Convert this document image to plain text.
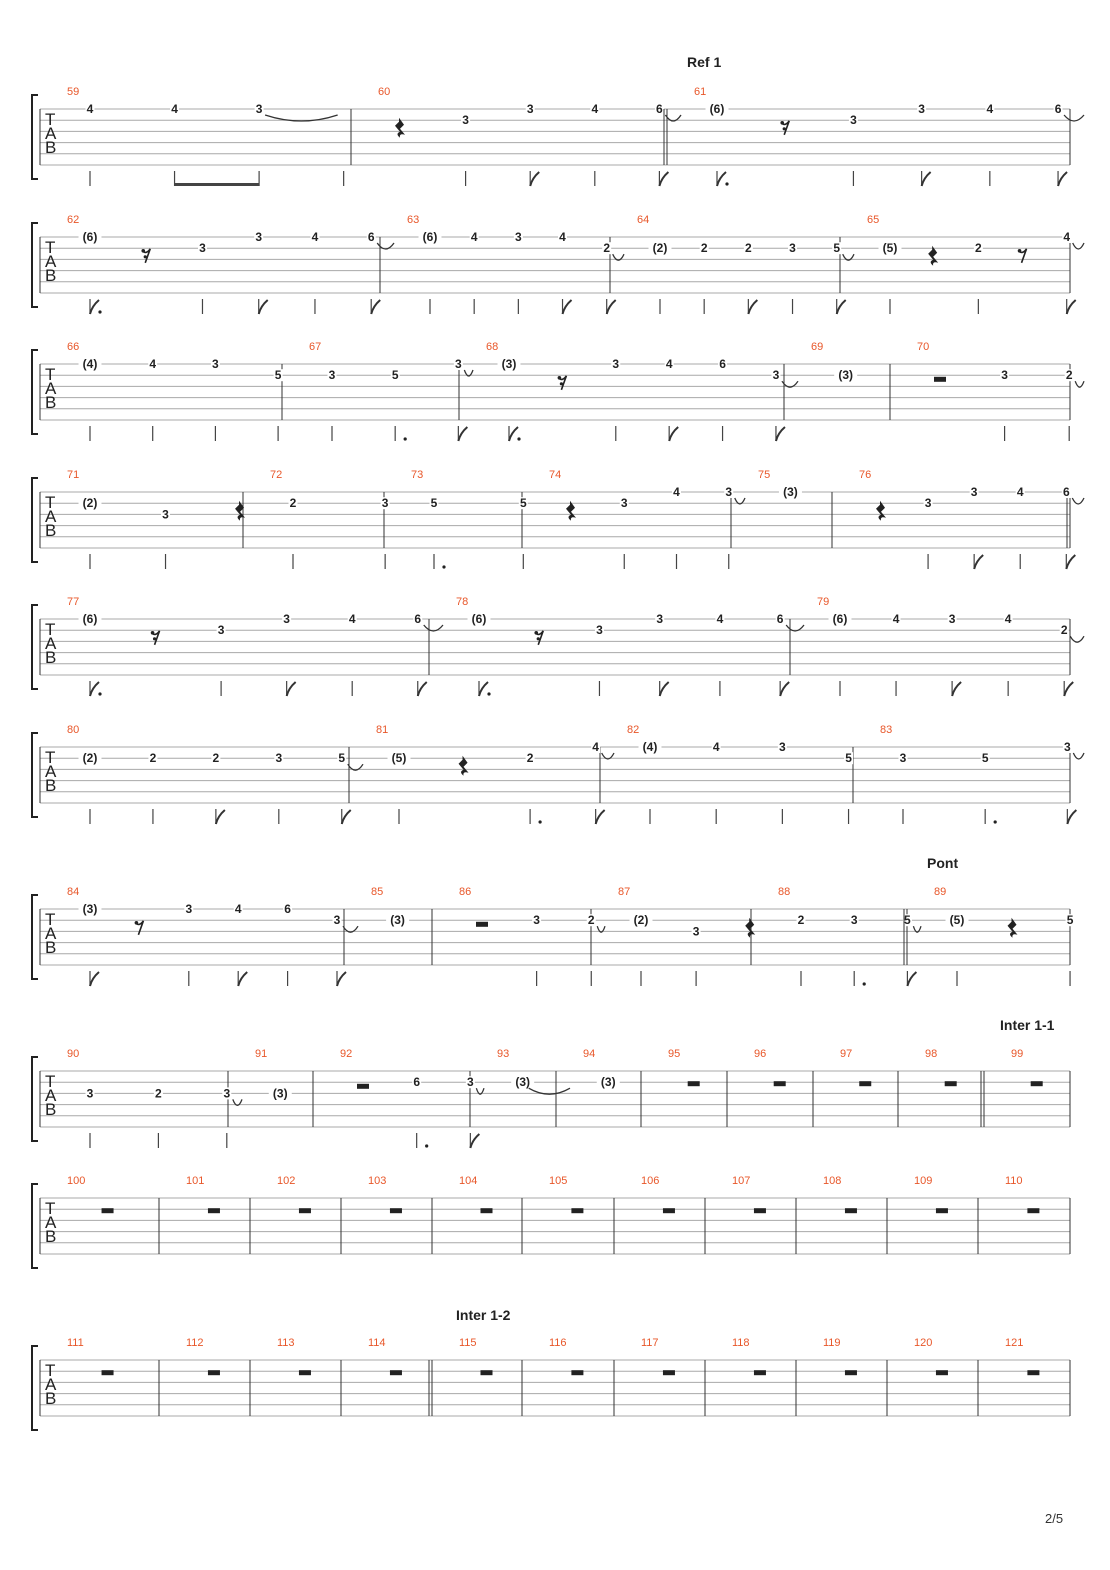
Ref 1
Pont
Inter 1-1
Inter 1-2
T
A
B
59
4	4	3
60
3
3	4	6
61
(6)
3
3	4	6
T
A
B
62
(6)
3
3	4	6
63
(6)	4	3	4
2
64
(2)	2	2	3	5
65
(5)	2
4
T
A
B
66
(4)	4	3
5
67
3	5
3
68
(3)	3	4	6
3
69
(3)
70
3	2
T
A
B
71
(2)
3
72
2	3
73
5	5
74
3
4	3
75
(3)
76
3
3	4	6
T
A
B
77
(6)
3
3	4	6
78
(6)
3
3	4	6
79
(6)	4	3	4
2
T
A
B
80
(2)	2	2	3	5
81
(5)	2
4
82
(4)	4	3
5
83
3	5
3
T
A
B
84
(3)	3	4	6
3
85
(3)
86
3	2
87
(2)
3
88
2	3	5
89
(5)	5
T
A
B
90
3	2	3
91
(3)
92
6	3
93
(3)
94
(3)
95	96	97	98	99
T
A
B
100	101	102	103	104	105	106	107	108	109	110
T
A
B
111	112	113	114	115	116	117	118	119	120	121
2/5
